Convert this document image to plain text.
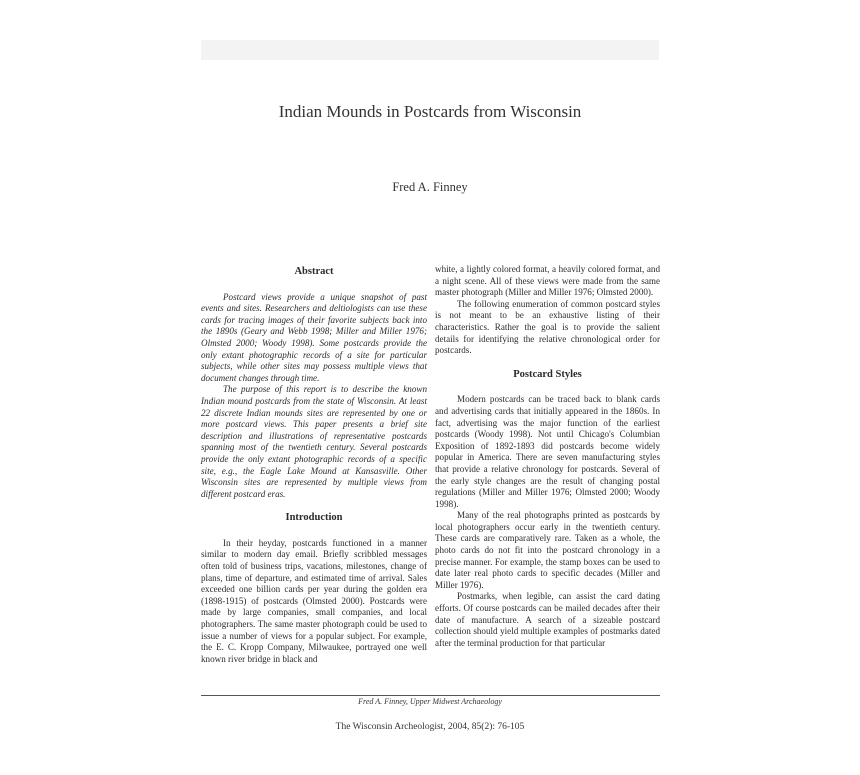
Indian Mounds in Postcards from Wisconsin
Fred A. Finney
Abstract

Postcard views provide a unique snapshot of past events and sites. Researchers and deltiologists can use these cards for tracing images of their favorite subjects back into the 1890s (Geary and Webb 1998; Miller and Miller 1976; Olmsted 2000; Woody 1998). Some postcards provide the only extant photographic records of a site for particular subjects, while other sites may possess multiple views that document changes through time.

The purpose of this report is to describe the known Indian mound postcards from the state of Wisconsin. At least 22 discrete Indian mounds sites are represented by one or more postcard views. This paper presents a brief site description and illustrations of representative postcards spanning most of the twentieth century. Several postcards provide the only extant photographic records of a specific site, e.g., the Eagle Lake Mound at Kansasville. Other Wisconsin sites are represented by multiple views from different postcard eras.

Introduction

In their heyday, postcards functioned in a manner similar to modern day email. Briefly scribbled messages often told of business trips, vacations, milestones, change of plans, time of departure, and estimated time of arrival. Sales exceeded one billion cards per year during the golden era (1898-1915) of postcards (Olmsted 2000). Postcards were made by large companies, small companies, and local photographers. The same master photograph could be used to issue a number of views for a popular subject. For example, the E. C. Kropp Company, Milwaukee, portrayed one well known river bridge in black and

white, a lightly colored format, a heavily colored format, and a night scene. All of these views were made from the same master photograph (Miller and Miller 1976; Olmsted 2000).

The following enumeration of common postcard styles is not meant to be an exhaustive listing of their characteristics. Rather the goal is to provide the salient details for identifying the relative chronological order for postcards.

Postcard Styles

Modern postcards can be traced back to blank cards and advertising cards that initially appeared in the 1860s. In fact, advertising was the major function of the earliest postcards (Woody 1998). Not until Chicago's Columbian Exposition of 1892-1893 did postcards become widely popular in America. There are seven manufacturing styles that provide a relative chronology for postcards. Several of the early style changes are the result of changing postal regulations (Miller and Miller 1976; Olmsted 2000; Woody 1998).

Many of the real photographs printed as postcards by local photographers occur early in the twentieth century. These cards are comparatively rare. Taken as a whole, the photo cards do not fit into the postcard chronology in a precise manner. For example, the stamp boxes can be used to date later real photo cards to specific decades (Miller and Miller 1976).

Postmarks, when legible, can assist the card dating efforts. Of course postcards can be mailed decades after their date of manufacture. A search of a sizeable postcard collection should yield multiple examples of postmarks dated after the terminal production for that particular

Fred A. Finney, Upper Midwest Archaeology
The Wisconsin Archeologist, 2004, 85(2): 76-105
